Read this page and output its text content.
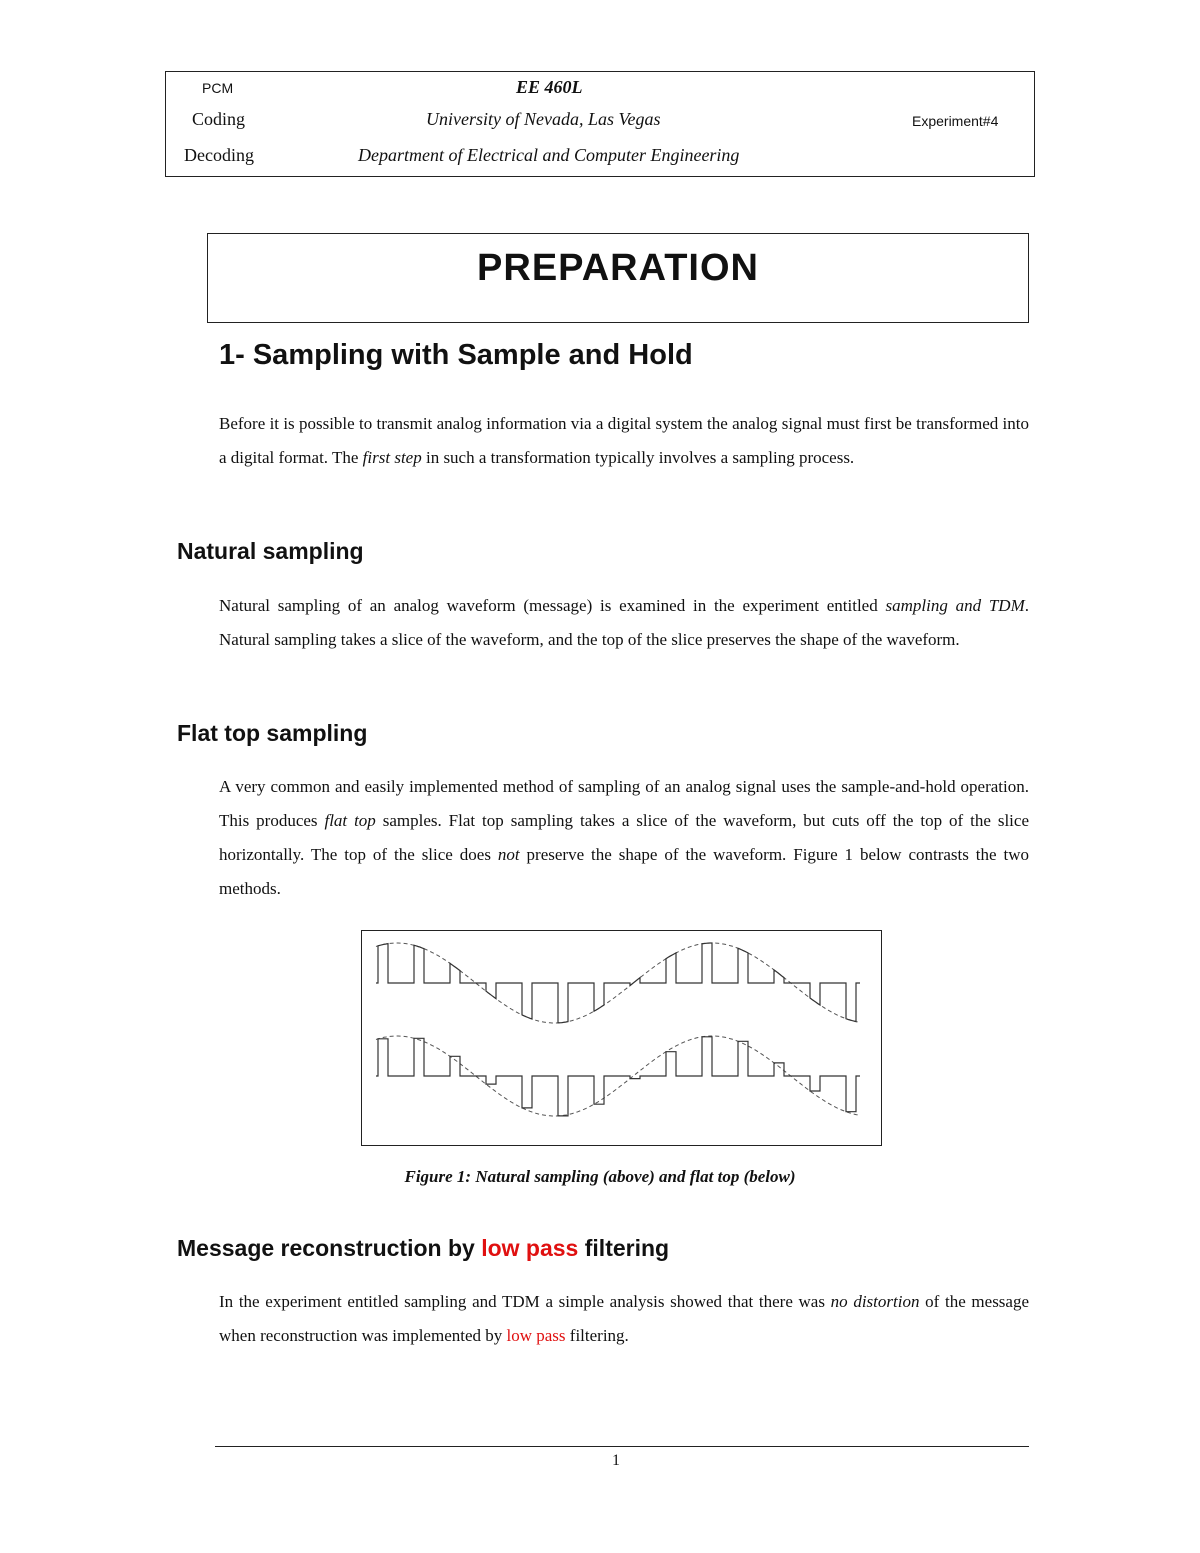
PCM
Coding
Decoding
EE 460L
University of Nevada, Las Vegas
Department of Electrical and Computer Engineering
Experiment#4
PREPARATION
1- Sampling with Sample and Hold
Before it is possible to transmit analog information via a digital system the analog signal must first be transformed into a digital format. The first step in such a transformation typically involves a sampling process.
Natural sampling
Natural sampling of an analog waveform (message) is examined in the experiment entitled sampling and TDM. Natural sampling takes a slice of the waveform, and the top of the slice preserves the shape of the waveform.
Flat top sampling
A very common and easily implemented method of sampling of an analog signal uses the sample-and-hold operation. This produces flat top samples. Flat top sampling takes a slice of the waveform, but cuts off the top of the slice horizontally. The top of the slice does not preserve the shape of the waveform. Figure 1 below contrasts the two methods.
Figure 1: Natural sampling (above) and flat top (below)
Message reconstruction by low pass filtering
In the experiment entitled sampling and TDM a simple analysis showed that there was no distortion of the message when reconstruction was implemented by low pass filtering.
1
